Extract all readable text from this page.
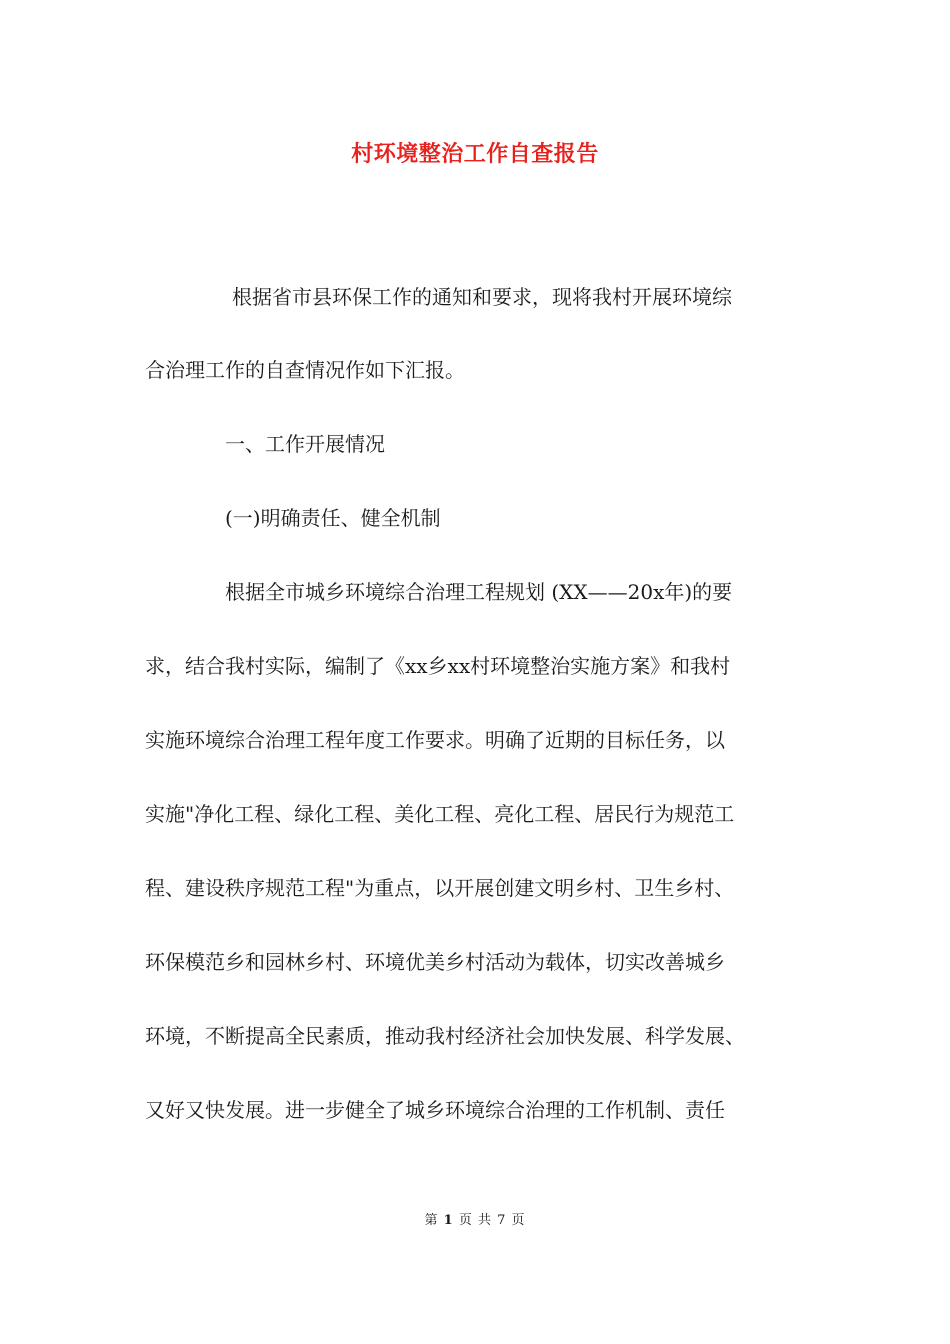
村环境整治工作自查报告
根据省市县环保工作的通知和要求，现将我村开展环境综
合治理工作的自查情况作如下汇报。
一、工作开展情况
(一)明确责任、健全机制
根据全市城乡环境综合治理工程规划 (XX——20x年)的要
求，结合我村实际，编制了《xx乡xx村环境整治实施方案》和我村
实施环境综合治理工程年度工作要求。明确了近期的目标任务，以
实施"净化工程、绿化工程、美化工程、亮化工程、居民行为规范工
程、建设秩序规范工程"为重点，以开展创建文明乡村、卫生乡村、
环保模范乡和园林乡村、环境优美乡村活动为载体，切实改善城乡
环境，不断提高全民素质，推动我村经济社会加快发展、科学发展、
又好又快发展。进一步健全了城乡环境综合治理的工作机制、责任
第 1 页 共 7 页
